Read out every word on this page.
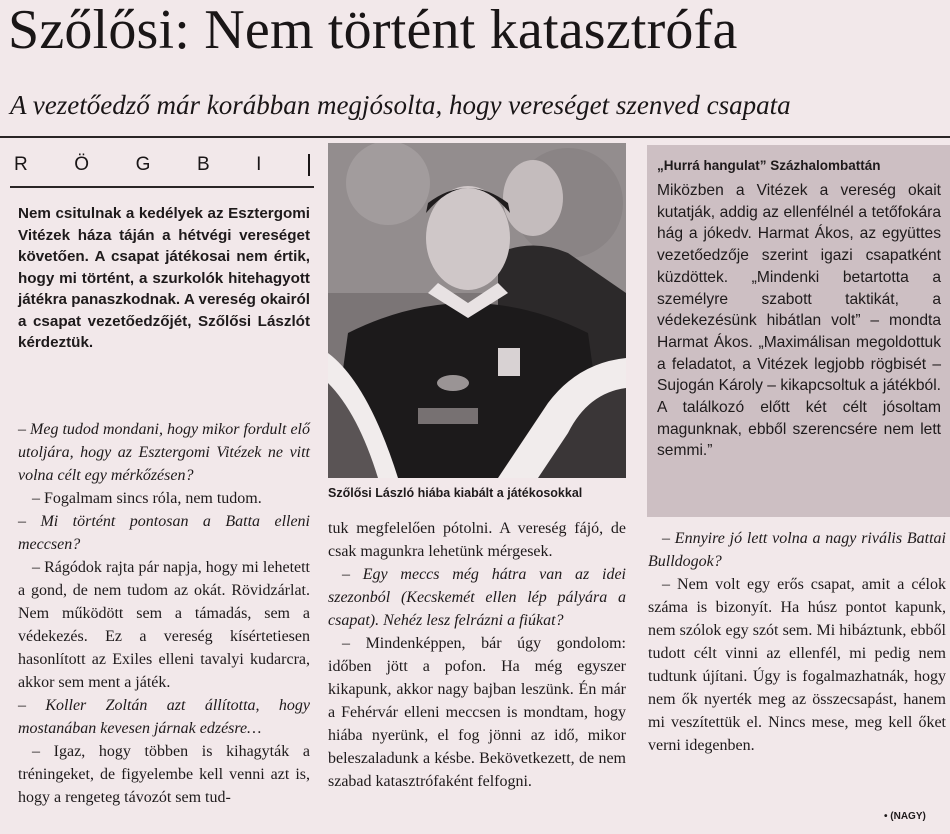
Szőlősi: Nem történt katasztrófa
A vezetőedző már korábban megjósolta, hogy vereséget szenved csapata
R Ö G B I

Nem csitulnak a kedélyek az Esztergomi Vitézek háza táján a hétvégi vereséget követően. A csapat játékosai nem értik, hogy mi történt, a szurkolók hitehagyott játékra panaszkodnak. A vereség okairól a csapat vezetőedzőjét, Szőlősi Lászlót kérdeztük.

– Meg tudod mondani, hogy mikor fordult elő utoljára, hogy az Esztergomi Vitézek ne vitt volna célt egy mérkőzésen?

– Fogalmam sincs róla, nem tudom.

– Mi történt pontosan a Batta elleni meccsen?

– Rágódok rajta pár napja, hogy mi lehetett a gond, de nem tudom az okát. Rövidzárlat. Nem működött sem a támadás, sem a védekezés. Ez a vereség kísértetiesen hasonlított az Exiles elleni tavalyi kudarcra, akkor sem ment a játék.

– Koller Zoltán azt állította, hogy mostanában kevesen járnak edzésre…

– Igaz, hogy többen is kihagyták a tréningeket, de figyelembe kell venni azt is, hogy a rengeteg távozót sem tud-

Szőlősi László hiába kiabált a játékosokkal

tuk megfelelően pótolni. A vereség fájó, de csak magunkra lehetünk mérgesek.

– Egy meccs még hátra van az idei szezonból (Kecskemét ellen lép pályára a csapat). Nehéz lesz felrázni a fiúkat?

– Mindenképpen, bár úgy gondolom: időben jött a pofon. Ha még egyszer kikapunk, akkor nagy bajban leszünk. Én már a Fehérvár elleni meccsen is mondtam, hogy hiába nyerünk, el fog jönni az idő, mikor beleszaladunk a késbe. Bekövetkezett, de nem szabad katasztrófaként felfogni.

„Hurrá hangulat” Százhalombattán
Miközben a Vitézek a vereség okait kutatják, addig az ellenfélnél a tetőfokára hág a jókedv. Harmat Ákos, az együttes vezetőedzője szerint igazi csapatként küzdöttek. „Mindenki betartotta a személyre szabott taktikát, a védekezésünk hibátlan volt” – mondta Harmat Ákos. „Maximálisan megoldottuk a feladatot, a Vitézek legjobb rögbisét – Sujogán Károly – kikapcsoltuk a játékból. A találkozó előtt két célt jósoltam magunknak, ebből szerencsére nem lett semmi.”

– Ennyire jó lett volna a nagy rivális Battai Bulldogok?

– Nem volt egy erős csapat, amit a célok száma is bizonyít. Ha húsz pontot kapunk, nem szólok egy szót sem. Mi hibáztunk, ebből tudott célt vinni az ellenfél, mi pedig nem tudtunk újítani. Úgy is fogalmazhatnák, hogy nem ők nyerték meg az összecsapást, hanem mi veszítettük el. Nincs mese, meg kell őket verni idegenben.

• (NAGY)
